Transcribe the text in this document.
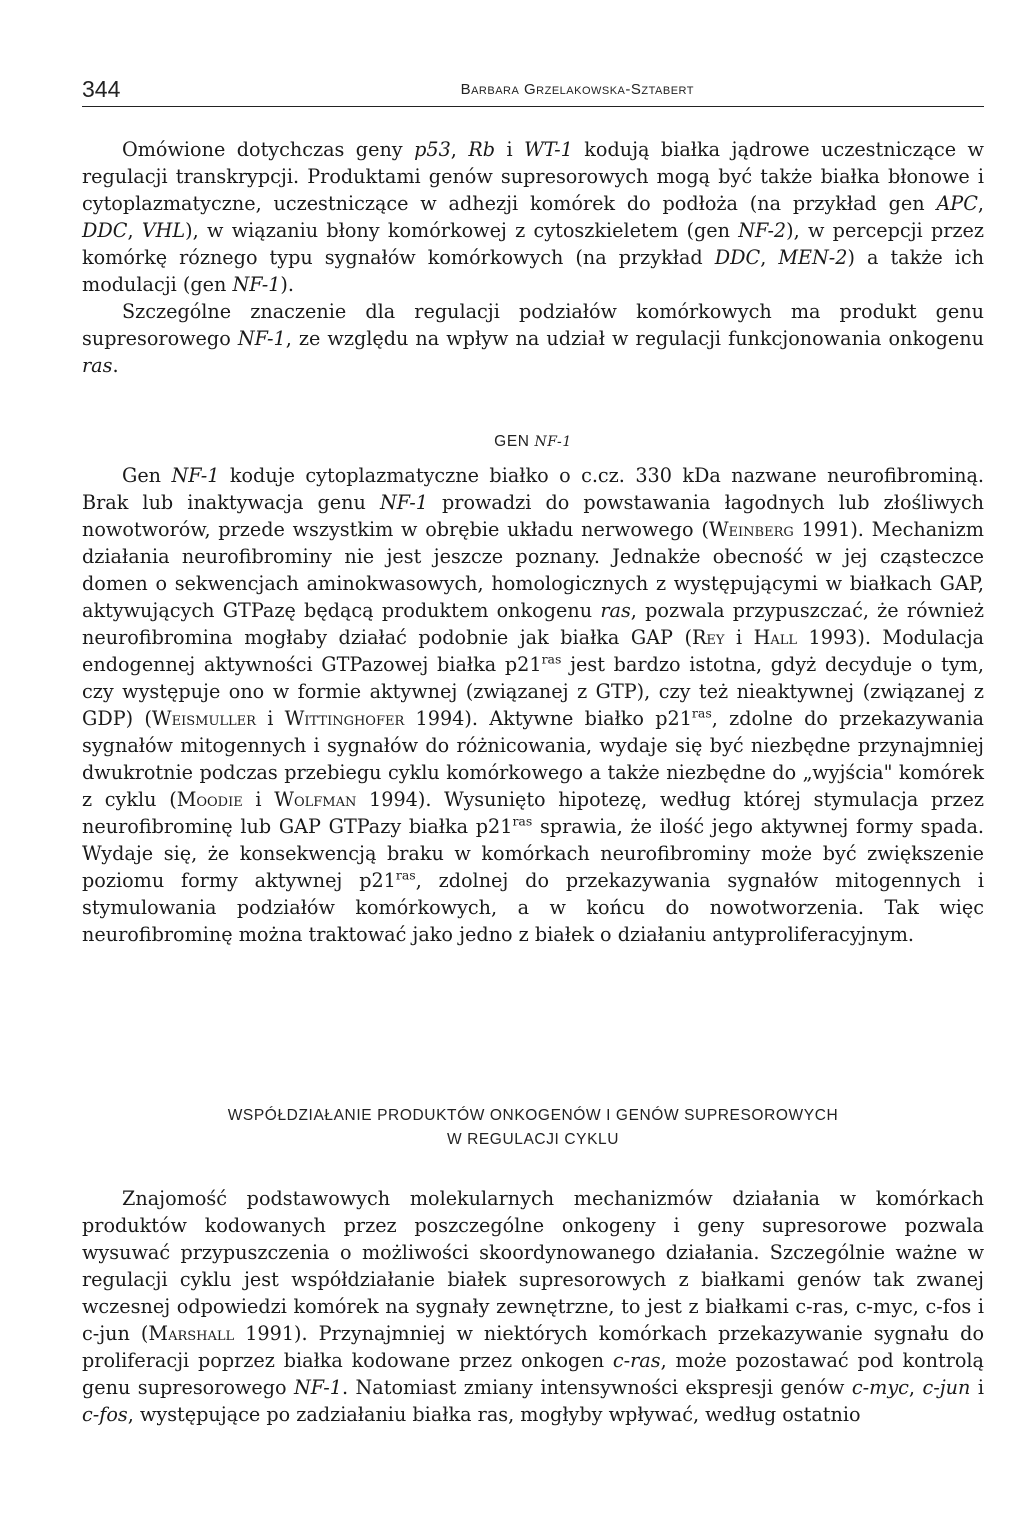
344	Barbara Grzelakowska-Sztabert

Omówione dotychczas geny p53, Rb i WT-1 kodują białka jądrowe uczestniczące w regulacji transkrypcji. Produktami genów supresorowych mogą być także białka błonowe i cytoplazmatyczne, uczestniczące w adhezji komórek do podłoża (na przykład gen APC, DDC, VHL), w wiązaniu błony komórkowej z cytoszkieletem (gen NF-2), w percepcji przez komórkę róznego typu sygnałów komórkowych (na przykład DDC, MEN-2) a także ich modulacji (gen NF-1).

Szczególne znaczenie dla regulacji podziałów komórkowych ma produkt genu supresorowego NF-1, ze względu na wpływ na udział w regulacji funkcjonowania onkogenu ras.

GEN NF-1

Gen NF-1 koduje cytoplazmatyczne białko o c.cz. 330 kDa nazwane neurofibrominą. Brak lub inaktywacja genu NF-1 prowadzi do powstawania łagodnych lub złośliwych nowotworów, przede wszystkim w obrębie układu nerwowego (Weinberg 1991). Mechanizm działania neurofibrominy nie jest jeszcze poznany. Jednakże obecność w jej cząsteczce domen o sekwencjach aminokwasowych, homologicznych z występującymi w białkach GAP, aktywujących GTPazę będącą produktem onkogenu ras, pozwala przypuszczać, że również neurofibromina mogłaby działać podobnie jak białka GAP (Rey i Hall 1993). Modulacja endogennej aktywności GTPazowej białka $p21^{ras}$ jest bardzo istotna, gdyż decyduje o tym, czy występuje ono w formie aktywnej (związanej z GTP), czy też nieaktywnej (związanej z GDP) (Weismuller i Wittinghofer 1994). Aktywne białko $p21^{ras}$, zdolne do przekazywania sygnałów mitogennych i sygnałów do różnicowania, wydaje się być niezbędne przynajmniej dwukrotnie podczas przebiegu cyklu komórkowego a także niezbędne do „wyjścia" komórek z cyklu (Moodie i Wolfman 1994). Wysunięto hipotezę, według której stymulacja przez neurofibrominę lub GAP GTPazy białka $p21^{ras}$ sprawia, że ilość jego aktywnej formy spada. Wydaje się, że konsekwencją braku w komórkach neurofibrominy może być zwiększenie poziomu formy aktywnej $p21^{ras}$, zdolnej do przekazywania sygnałów mitogennych i stymulowania podziałów komórkowych, a w końcu do nowotworzenia. Tak więc neurofibrominę można traktować jako jedno z białek o działaniu antyproliferacyjnym.

WSPÓŁDZIAŁANIE PRODUKTÓW ONKOGENÓW I GENÓW SUPRESOROWYCH
W REGULACJI CYKLU

Znajomość podstawowych molekularnych mechanizmów działania w komórkach produktów kodowanych przez poszczególne onkogeny i geny supresorowe pozwala wysuwać przypuszczenia o możliwości skoordynowanego działania. Szczególnie ważne w regulacji cyklu jest współdziałanie białek supresorowych z białkami genów tak zwanej wczesnej odpowiedzi komórek na sygnały zewnętrzne, to jest z białkami c-ras, c-myc, c-fos i c-jun (Marshall 1991). Przynajmniej w niektórych komórkach przekazywanie sygnału do proliferacji poprzez białka kodowane przez onkogen c-ras, może pozostawać pod kontrolą genu supresorowego NF-1. Natomiast zmiany intensywności ekspresji genów c-myc, c-jun i c-fos, występujące po zadziałaniu białka ras, mogłyby wpływać, według ostatnio
